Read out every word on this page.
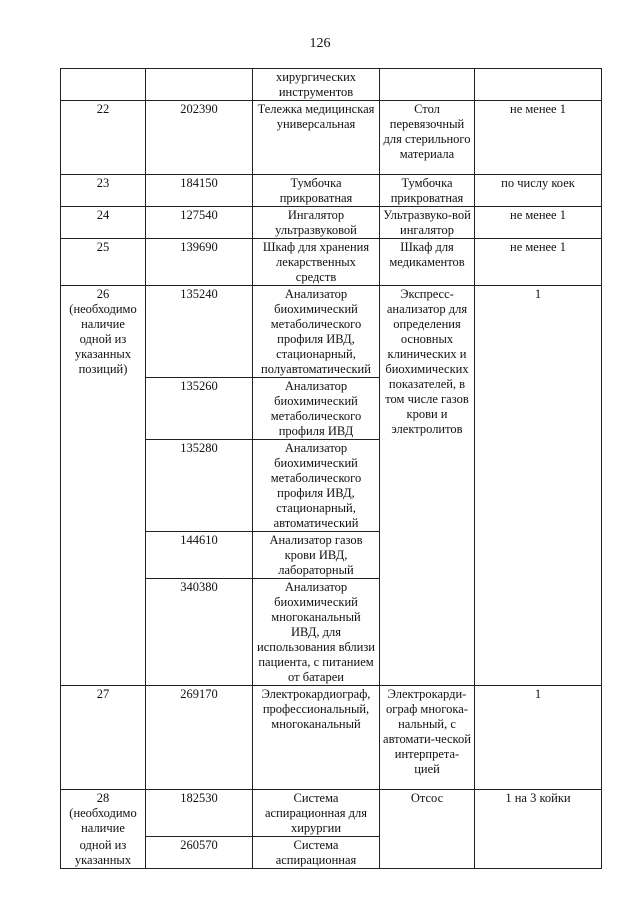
126
		хирургических инструментов		
22	202390	Тележка медицинская универсальная	Стол перевязочный для стерильного материала	не менее 1
23	184150	Тумбочка прикроватная	Тумбочка прикроватная	по числу коек
24	127540	Ингалятор ультразвуковой	Ультразвуко-вой ингалятор	не менее 1
25	139690	Шкаф для хранения лекарственных средств	Шкаф для медикаментов	не менее 1
26 (необходимо наличие одной из указанных позиций)	135240	Анализатор биохимический метаболического профиля ИВД, стационарный, полуавтоматический	Экспресс-анализатор для определения основных клинических и биохимических показателей, в том числе газов крови и электролитов	1
	135260	Анализатор биохимический метаболического профиля ИВД		
	135280	Анализатор биохимический метаболического профиля ИВД, стационарный, автоматический		
	144610	Анализатор газов крови ИВД, лабораторный		
	340380	Анализатор биохимический многоканальный ИВД, для использования вблизи пациента, с питанием от батареи		
27	269170	Электрокардиограф, профессиональный, многоканальный	Электрокарди-ограф многока-нальный, с автомати-ческой интерпрета-цией	1
28 (необходимо наличие	182530	Система аспирационная для хирургии	Отсос	1 на 3 койки
одной из указанных	260570	Система аспирационная		
